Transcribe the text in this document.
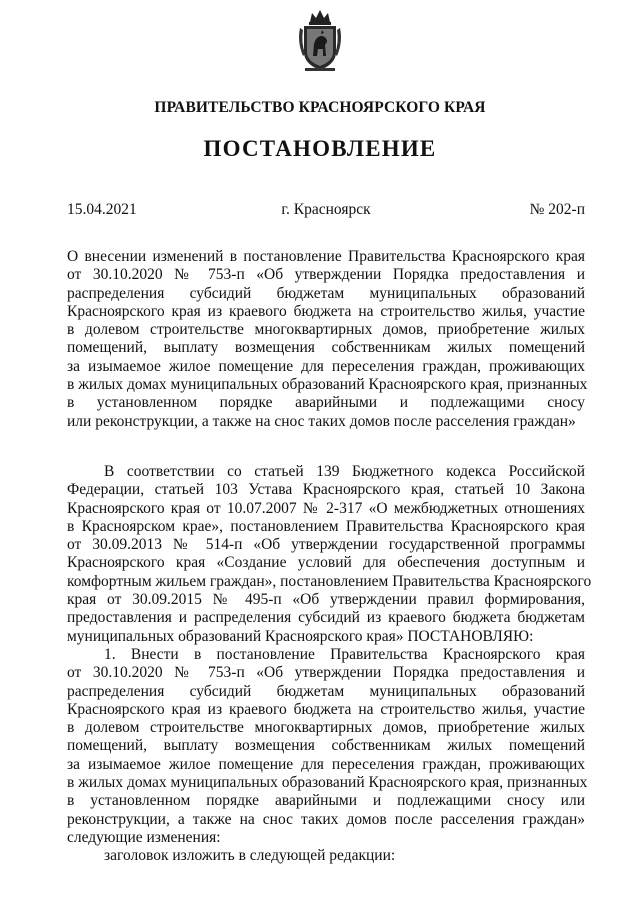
ПРАВИТЕЛЬСТВО КРАСНОЯРСКОГО КРАЯ
ПОСТАНОВЛЕНИЕ
15.04.2021	г. Красноярск	№ 202-п
О внесении изменений в постановление Правительства Красноярского края
от 30.10.2020 № 753-п «Об утверждении Порядка предоставления и
распределения субсидий бюджетам муниципальных образований
Красноярского края из краевого бюджета на строительство жилья, участие
в долевом строительстве многоквартирных домов, приобретение жилых
помещений, выплату возмещения собственникам жилых помещений
за изымаемое жилое помещение для переселения граждан, проживающих
в жилых домах муниципальных образований Красноярского края, признанных
в установленном порядке аварийными и подлежащими сносу
или реконструкции, а также на снос таких домов после расселения граждан»
В соответствии со статьей 139 Бюджетного кодекса Российской
Федерации, статьей 103 Устава Красноярского края, статьей 10 Закона
Красноярского края от 10.07.2007 № 2-317 «О межбюджетных отношениях
в Красноярском крае», постановлением Правительства Красноярского края
от 30.09.2013 № 514-п «Об утверждении государственной программы
Красноярского края «Создание условий для обеспечения доступным и
комфортным жильем граждан», постановлением Правительства Красноярского
края от 30.09.2015 № 495-п «Об утверждении правил формирования,
предоставления и распределения субсидий из краевого бюджета бюджетам
муниципальных образований Красноярского края» ПОСТАНОВЛЯЮ:
1. Внести в постановление Правительства Красноярского края
от 30.10.2020 № 753-п «Об утверждении Порядка предоставления и
распределения субсидий бюджетам муниципальных образований
Красноярского края из краевого бюджета на строительство жилья, участие
в долевом строительстве многоквартирных домов, приобретение жилых
помещений, выплату возмещения собственникам жилых помещений
за изымаемое жилое помещение для переселения граждан, проживающих
в жилых домах муниципальных образований Красноярского края, признанных
в установленном порядке аварийными и подлежащими сносу или
реконструкции, а также на снос таких домов после расселения граждан»
следующие изменения:
заголовок изложить в следующей редакции:
